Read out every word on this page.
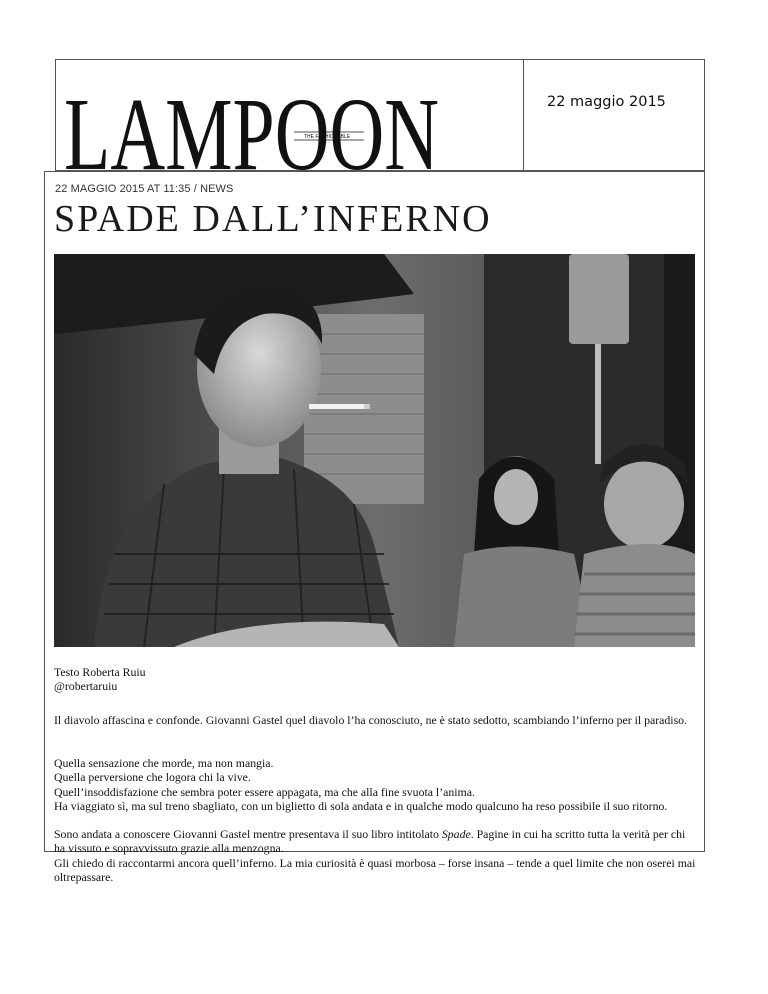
LAMPOON
THE FASHIONABLE
22 maggio 2015
22 MAGGIO 2015 AT 11:35 / NEWS
SPADE DALL’INFERNO
Testo Roberta Ruiu
@robertaruiu
Il diavolo affascina e confonde. Giovanni Gastel quel diavolo l’ha conosciuto, ne è stato sedotto, scambiando l’inferno per il paradiso.
Quella sensazione che morde, ma non mangia.
Quella perversione che logora chi la vive.
Quell’insoddisfazione che sembra poter essere appagata, ma che alla fine svuota l’anima.
Ha viaggiato sì, ma sul treno sbagliato, con un biglietto di sola andata e in qualche modo qualcuno ha reso possibile il suo ritorno.
Sono andata a conoscere Giovanni Gastel mentre presentava il suo libro intitolato Spade. Pagine in cui ha scritto tutta la verità per chi ha vissuto e sopravvissuto grazie alla menzogna.
Gli chiedo di raccontarmi ancora quell’inferno. La mia curiosità è quasi morbosa – forse insana – tende a quel limite che non oserei mai oltrepassare.
